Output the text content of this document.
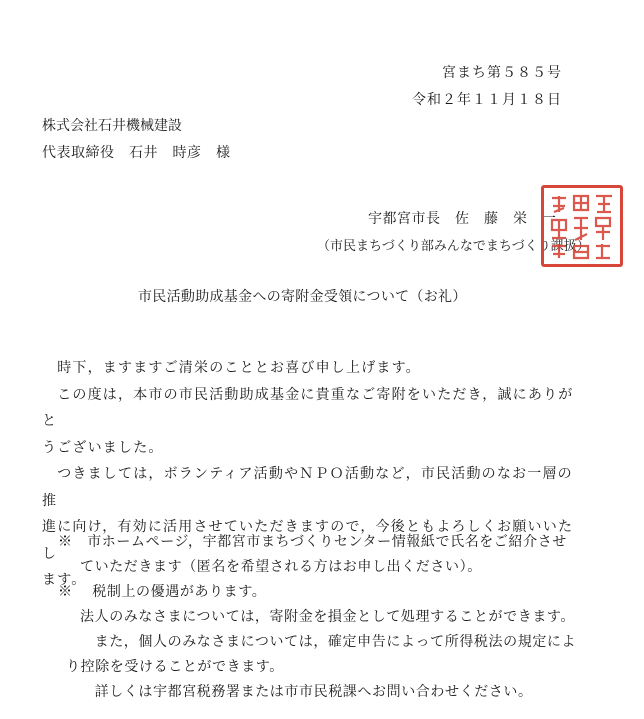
宮まち第５８５号
令和２年１１月１８日
株式会社石井機械建設
代表取締役　石井　時彦　様
宇都宮市長　佐　藤　栄　一
（市民まちづくり部みんなでまちづくり課扱）
市民活動助成基金への寄附金受領について（お礼）

　時下，ますますご清栄のこととお喜び申し上げます。

　この度は，本市の市民活動助成基金に貴重なご寄附をいただき，誠にありがと

うございました。

　つきましては，ボランティア活動やＮＰＯ活動など，市民活動のなお一層の推

進に向け，有効に活用させていただきますので，今後ともよろしくお願いいたし

ます。

※　市ホームページ，宇都宮市まちづくりセンター情報紙で氏名をご紹介させ
ていただきます（匿名を希望される方はお申し出ください）。
※　 税制上の優遇があります。
法人のみなさまについては，寄附金を損金として処理することができます。
　また，個人のみなさまについては，確定申告によって所得税法の規定によ
り控除を受けることができます。
　詳しくは宇都宮税務署または市市民税課へお問い合わせください。
